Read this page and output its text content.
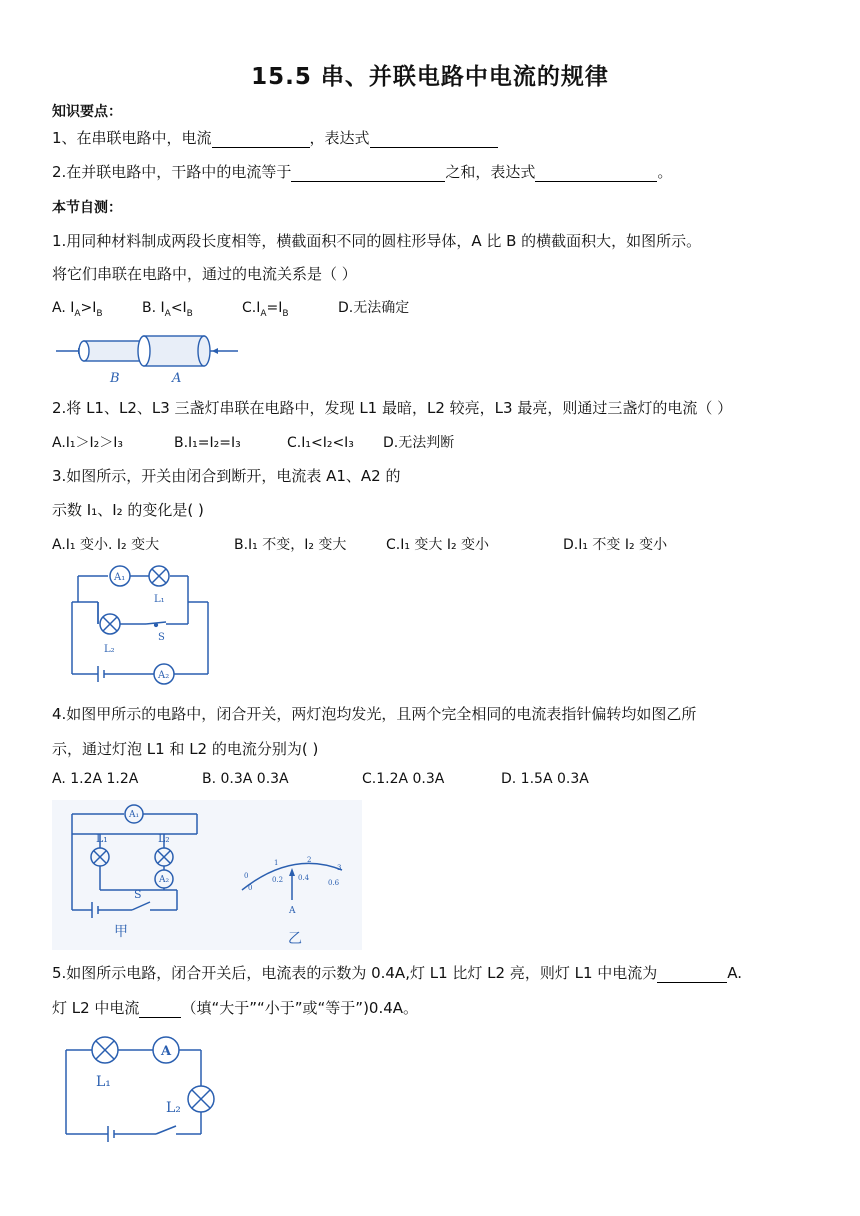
15.5 串、并联电路中电流的规律
知识要点：
1、在串联电路中，电流	，表达式
2.在并联电路中，干路中的电流等于	之和，表达式	。
本节自测：
1.用同种材料制成两段长度相等，横截面积不同的圆柱形导体，A 比 B 的横截面积大，如图所示。
将它们串联在电路中，通过的电流关系是（ ）
A. $I_A>I_B$	B. $I_A<I_B$	$C.I_A=I_B$	D.无法确定
B	A
2.将 L1、L2、L3 三盏灯串联在电路中，发现 L1 最暗，L2 较亮，L3 最亮，则通过三盏灯的电流（ ）
A.I₁＞I₂＞I₃	B.I₁=I₂=I₃	C.I₁<I₂<I₃ D.无法判断
3.如图所示，开关由闭合到断开，电流表 A1、A2 的
示数 I₁、I₂ 的变化是( )
A.I₁ 变小. I₂ 变大	B.I₁ 不变，I₂ 变大	C.I₁ 变大 I₂ 变小	D.I₁ 不变 I₂ 变小
A₁
L₁
S
L₂
A₂
4.如图甲所示的电路中，闭合开关，两灯泡均发光，且两个完全相同的电流表指针偏转均如图乙所
示，通过灯泡 L1 和 L2 的电流分别为( )
A. 1.2A 1.2A	B. 0.3A 0.3A	C.1.2A 0.3A	D. 1.5A 0.3A
A₁
L₁	L₂
A₂
S
甲	乙
A
0
1	2
3
0
0.2 0.4
0.6
5.如图所示电路，闭合开关后，电流表的示数为 0.4A,灯 L1 比灯 L2 亮，则灯 L1 中电流为	A.
灯 L2 中电流	（填“大于”“小于”或“等于”)0.4A。
A
L₁
L₂
